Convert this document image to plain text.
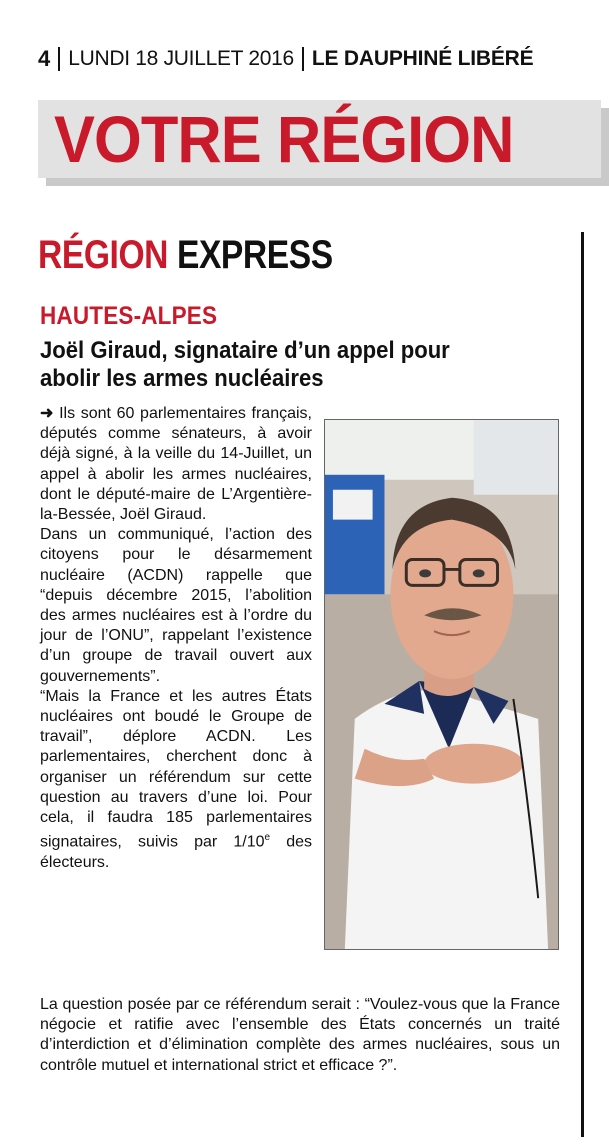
4 LUNDI 18 JUILLET 2016 LE DAUPHINÉ LIBÉRÉ
VOTRE RÉGION
RÉGION EXPRESS
HAUTES-ALPES
Joël Giraud, signataire d’un appel pour abolir les armes nucléaires

➜ Ils sont 60 parlementaires français, députés comme sénateurs, à avoir déjà signé, à la veille du 14-Juillet, un appel à abolir les armes nucléaires, dont le député-maire de L’Argentière-la-Bessée, Joël Giraud.

Dans un communiqué, l’action des citoyens pour le désarmement nucléaire (ACDN) rappelle que “depuis décembre 2015, l’abolition des armes nucléaires est à l’ordre du jour de l’ONU”, rappelant l’existence d’un groupe de travail ouvert aux gouvernements”.

“Mais la France et les autres États nucléaires ont boudé le Groupe de travail”, déplore ACDN. Les parlementaires, cherchent donc à organiser un référendum sur cette question au travers d’une loi. Pour cela, il faudra 185 parlementaires signataires, suivis par 1/10e des électeurs.

La question posée par ce référendum serait : “Voulez-vous que la France négocie et ratifie avec l’ensemble des États concernés un traité d’interdiction et d’élimination complète des armes nucléaires, sous un contrôle mutuel et international strict et efficace ?”.
